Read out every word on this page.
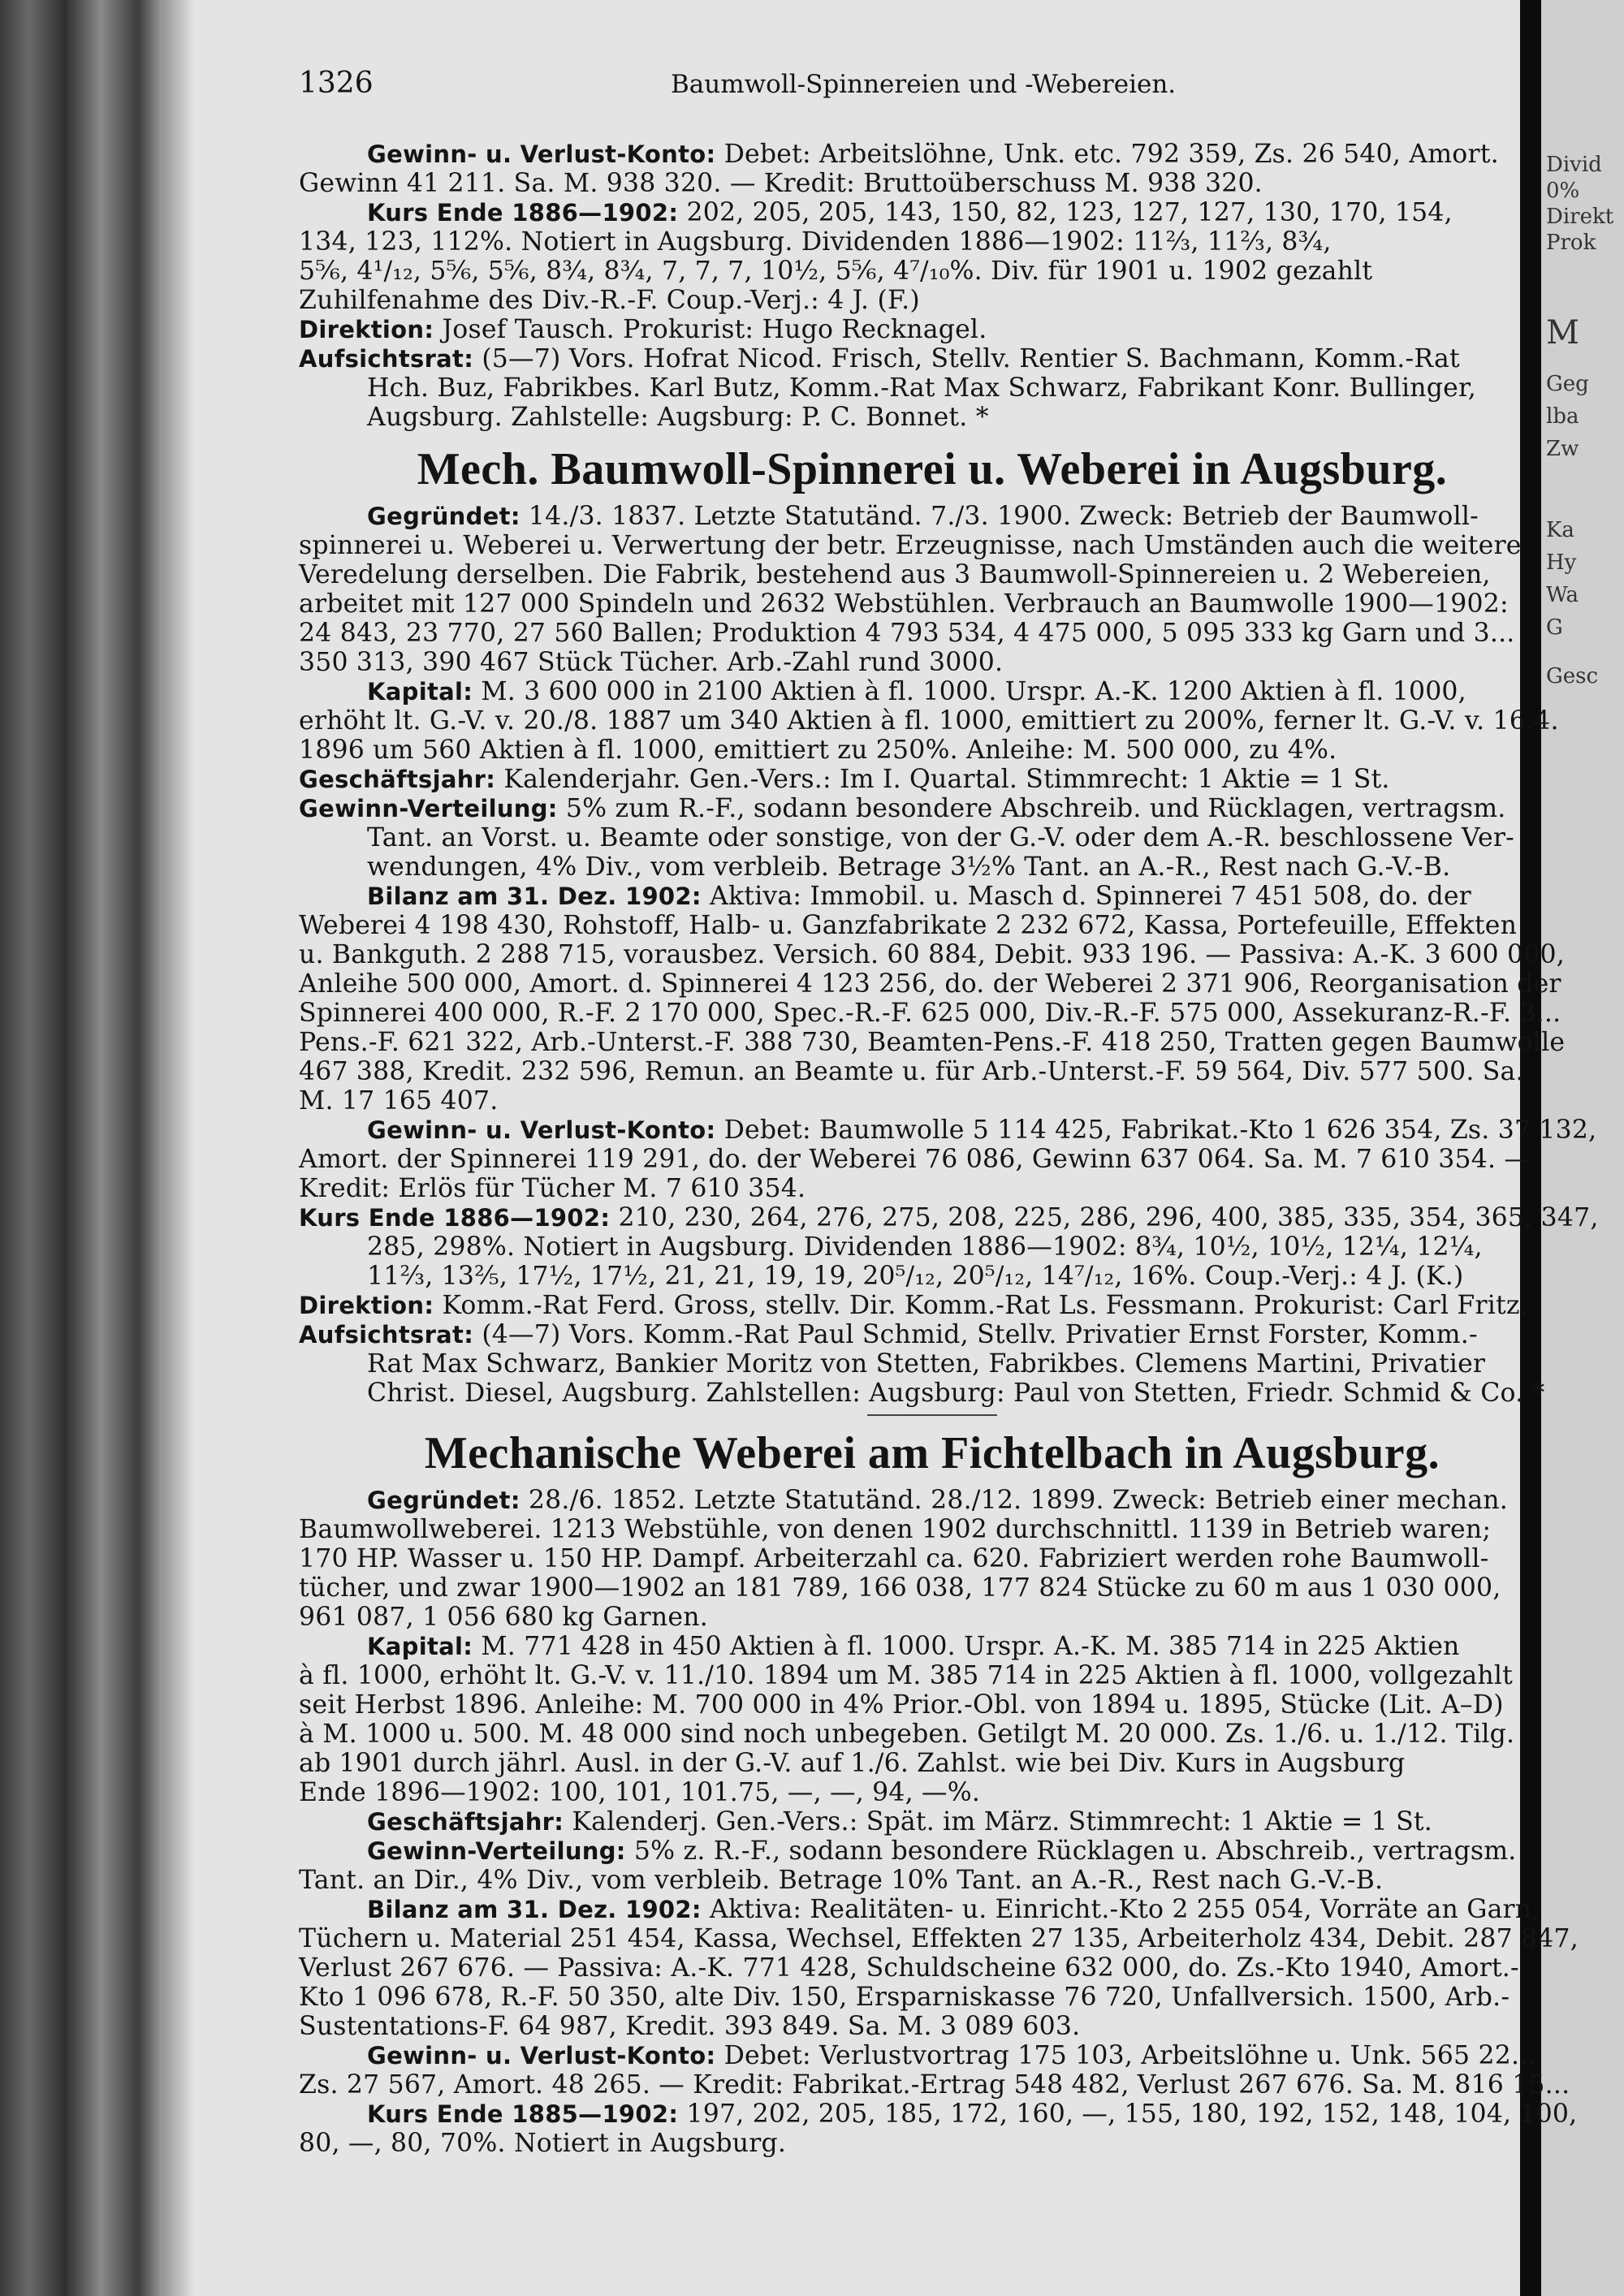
Divid
0%
Direkt
Prok
M
Geg
lba
Zw
Ka
Hy
Wa
G
Gesc
1326	Baumwoll-Spinnereien und -Webereien.
Gewinn- u. Verlust-Konto: Debet: Arbeitslöhne, Unk. etc. 792 359, Zs. 26 540, Amort.
Gewinn 41 211. Sa. M. 938 320. — Kredit: Bruttoüberschuss M. 938 320.
Kurs Ende 1886—1902: 202, 205, 205, 143, 150, 82, 123, 127, 127, 130, 170, 154,
134, 123, 112%. Notiert in Augsburg. Dividenden 1886—1902: 11⅔, 11⅔, 8¾,
5⅚, 4¹/₁₂, 5⅚, 5⅚, 8¾, 8¾, 7, 7, 7, 10½, 5⅚, 4⁷/₁₀%. Div. für 1901 u. 1902 gezahlt
Zuhilfenahme des Div.-R.-F. Coup.-Verj.: 4 J. (F.)
Direktion: Josef Tausch. Prokurist: Hugo Recknagel.
Aufsichtsrat: (5—7) Vors. Hofrat Nicod. Frisch, Stellv. Rentier S. Bachmann, Komm.-Rat
Hch. Buz, Fabrikbes. Karl Butz, Komm.-Rat Max Schwarz, Fabrikant Konr. Bullinger,
Augsburg. Zahlstelle: Augsburg: P. C. Bonnet. *
Mech. Baumwoll-Spinnerei u. Weberei in Augsburg.
Gegründet: 14./3. 1837. Letzte Statutänd. 7./3. 1900. Zweck: Betrieb der Baumwoll-
spinnerei u. Weberei u. Verwertung der betr. Erzeugnisse, nach Umständen auch die weitere
Veredelung derselben. Die Fabrik, bestehend aus 3 Baumwoll-Spinnereien u. 2 Webereien,
arbeitet mit 127 000 Spindeln und 2632 Webstühlen. Verbrauch an Baumwolle 1900—1902:
24 843, 23 770, 27 560 Ballen; Produktion 4 793 534, 4 475 000, 5 095 333 kg Garn und 3...
350 313, 390 467 Stück Tücher. Arb.-Zahl rund 3000.
Kapital: M. 3 600 000 in 2100 Aktien à fl. 1000. Urspr. A.-K. 1200 Aktien à fl. 1000,
erhöht lt. G.-V. v. 20./8. 1887 um 340 Aktien à fl. 1000, emittiert zu 200%, ferner lt. G.-V. v. 16.4.
1896 um 560 Aktien à fl. 1000, emittiert zu 250%. Anleihe: M. 500 000, zu 4%.
Geschäftsjahr: Kalenderjahr. Gen.-Vers.: Im I. Quartal. Stimmrecht: 1 Aktie = 1 St.
Gewinn-Verteilung: 5% zum R.-F., sodann besondere Abschreib. und Rücklagen, vertragsm.
Tant. an Vorst. u. Beamte oder sonstige, von der G.-V. oder dem A.-R. beschlossene Ver-
wendungen, 4% Div., vom verbleib. Betrage 3½% Tant. an A.-R., Rest nach G.-V.-B.
Bilanz am 31. Dez. 1902: Aktiva: Immobil. u. Masch d. Spinnerei 7 451 508, do. der
Weberei 4 198 430, Rohstoff, Halb- u. Ganzfabrikate 2 232 672, Kassa, Portefeuille, Effekten
u. Bankguth. 2 288 715, vorausbez. Versich. 60 884, Debit. 933 196. — Passiva: A.-K. 3 600 000,
Anleihe 500 000, Amort. d. Spinnerei 4 123 256, do. der Weberei 2 371 906, Reorganisation der
Spinnerei 400 000, R.-F. 2 170 000, Spec.-R.-F. 625 000, Div.-R.-F. 575 000, Assekuranz-R.-F. 3...
Pens.-F. 621 322, Arb.-Unterst.-F. 388 730, Beamten-Pens.-F. 418 250, Tratten gegen Baumwolle
467 388, Kredit. 232 596, Remun. an Beamte u. für Arb.-Unterst.-F. 59 564, Div. 577 500. Sa.
M. 17 165 407.
Gewinn- u. Verlust-Konto: Debet: Baumwolle 5 114 425, Fabrikat.-Kto 1 626 354, Zs. 37 132,
Amort. der Spinnerei 119 291, do. der Weberei 76 086, Gewinn 637 064. Sa. M. 7 610 354. —
Kredit: Erlös für Tücher M. 7 610 354.
Kurs Ende 1886—1902: 210, 230, 264, 276, 275, 208, 225, 286, 296, 400, 385, 335, 354, 365, 347,
285, 298%. Notiert in Augsburg. Dividenden 1886—1902: 8¾, 10½, 10½, 12¼, 12¼,
11⅔, 13⅖, 17½, 17½, 21, 21, 19, 19, 20⁵/₁₂, 20⁵/₁₂, 14⁷/₁₂, 16%. Coup.-Verj.: 4 J. (K.)
Direktion: Komm.-Rat Ferd. Gross, stellv. Dir. Komm.-Rat Ls. Fessmann. Prokurist: Carl Fritz.
Aufsichtsrat: (4—7) Vors. Komm.-Rat Paul Schmid, Stellv. Privatier Ernst Forster, Komm.-
Rat Max Schwarz, Bankier Moritz von Stetten, Fabrikbes. Clemens Martini, Privatier
Christ. Diesel, Augsburg. Zahlstellen: Augsburg: Paul von Stetten, Friedr. Schmid & Co. *
Mechanische Weberei am Fichtelbach in Augsburg.
Gegründet: 28./6. 1852. Letzte Statutänd. 28./12. 1899. Zweck: Betrieb einer mechan.
Baumwollweberei. 1213 Webstühle, von denen 1902 durchschnittl. 1139 in Betrieb waren;
170 HP. Wasser u. 150 HP. Dampf. Arbeiterzahl ca. 620. Fabriziert werden rohe Baumwoll-
tücher, und zwar 1900—1902 an 181 789, 166 038, 177 824 Stücke zu 60 m aus 1 030 000,
961 087, 1 056 680 kg Garnen.
Kapital: M. 771 428 in 450 Aktien à fl. 1000. Urspr. A.-K. M. 385 714 in 225 Aktien
à fl. 1000, erhöht lt. G.-V. v. 11./10. 1894 um M. 385 714 in 225 Aktien à fl. 1000, vollgezahlt
seit Herbst 1896. Anleihe: M. 700 000 in 4% Prior.-Obl. von 1894 u. 1895, Stücke (Lit. A–D)
à M. 1000 u. 500. M. 48 000 sind noch unbegeben. Getilgt M. 20 000. Zs. 1./6. u. 1./12. Tilg.
ab 1901 durch jährl. Ausl. in der G.-V. auf 1./6. Zahlst. wie bei Div. Kurs in Augsburg
Ende 1896—1902: 100, 101, 101.75, —, —, 94, —%.
Geschäftsjahr: Kalenderj. Gen.-Vers.: Spät. im März. Stimmrecht: 1 Aktie = 1 St.
Gewinn-Verteilung: 5% z. R.-F., sodann besondere Rücklagen u. Abschreib., vertragsm.
Tant. an Dir., 4% Div., vom verbleib. Betrage 10% Tant. an A.-R., Rest nach G.-V.-B.
Bilanz am 31. Dez. 1902: Aktiva: Realitäten- u. Einricht.-Kto 2 255 054, Vorräte an Garn,
Tüchern u. Material 251 454, Kassa, Wechsel, Effekten 27 135, Arbeiterholz 434, Debit. 287 847,
Verlust 267 676. — Passiva: A.-K. 771 428, Schuldscheine 632 000, do. Zs.-Kto 1940, Amort.-
Kto 1 096 678, R.-F. 50 350, alte Div. 150, Ersparniskasse 76 720, Unfallversich. 1500, Arb.-
Sustentations-F. 64 987, Kredit. 393 849. Sa. M. 3 089 603.
Gewinn- u. Verlust-Konto: Debet: Verlustvortrag 175 103, Arbeitslöhne u. Unk. 565 22...
Zs. 27 567, Amort. 48 265. — Kredit: Fabrikat.-Ertrag 548 482, Verlust 267 676. Sa. M. 816 15...
Kurs Ende 1885—1902: 197, 202, 205, 185, 172, 160, —, 155, 180, 192, 152, 148, 104, 100,
80, —, 80, 70%. Notiert in Augsburg.
